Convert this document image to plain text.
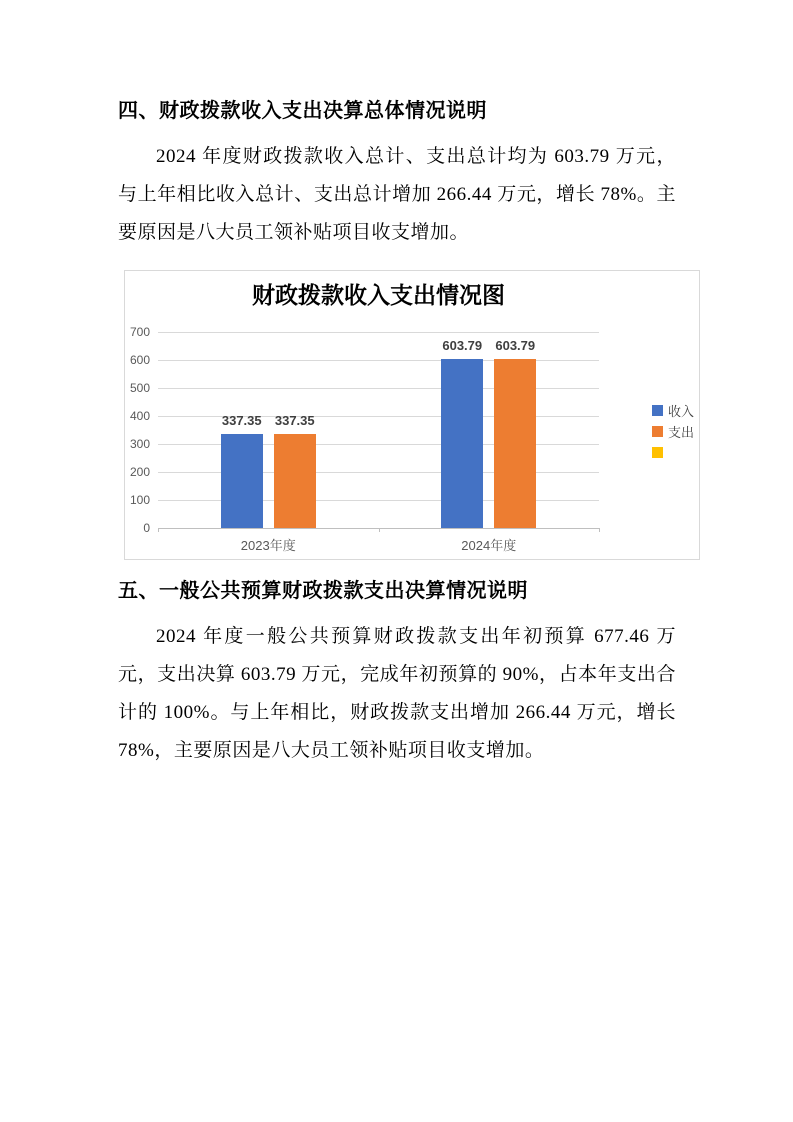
四、财政拨款收入支出决算总体情况说明

2024 年度财政拨款收入总计、支出总计均为 603.79 万元，与上年相比收入总计、支出总计增加 266.44 万元，增长 78%。主要原因是八大员工领补贴项目收支增加。

财政拨款收入支出情况图
0
100
200
300
400
500
600
700
2023年度
337.35 337.35
2024年度
603.79 603.79
收入
支出
五、一般公共预算财政拨款支出决算情况说明

2024 年度一般公共预算财政拨款支出年初预算 677.46 万元，支出决算 603.79 万元，完成年初预算的 90%，占本年支出合计的 100%。与上年相比，财政拨款支出增加 266.44 万元，增长 78%，主要原因是八大员工领补贴项目收支增加。
